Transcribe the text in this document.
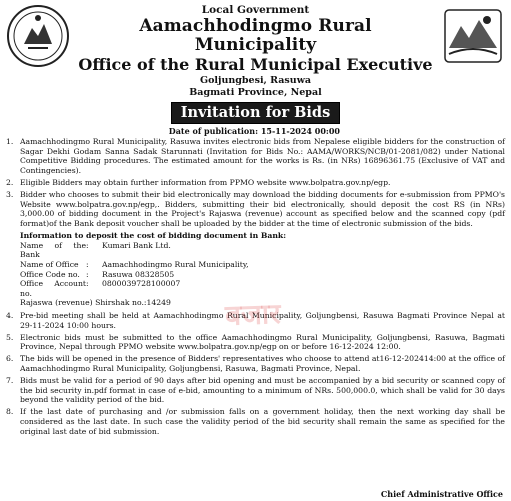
Local Government
Aamachhodingmo Rural Municipality
Office of the Rural Municipal Executive
Goljungbesi, Rasuwa
Bagmati Province, Nepal
Invitation for Bids
Date of publication: 15-11-2024 00:00
1. Aamachhodingmo Rural Municipality, Rasuwa invites electronic bids from Nepalese eligible bidders for the construction of Sagar Dekhi Godam Sanna Sadak Starunnati (Invitation for Bids No.: AAMA/WORKS/NCB/01-2081/082) under National Competitive Bidding procedures. The estimated amount for the works is Rs. (in NRs) 16896361.75 (Exclusive of VAT and Contingencies).
2. Eligible Bidders may obtain further information from PPMO website www.bolpatra.gov.np/egp.
3. Bidder who chooses to submit their bid electronically may download the bidding documents for e-submission from PPMO's Website www.bolpatra.gov.np/egp,. Bidders, submitting their bid electronically, should deposit the cost RS (in NRs) 3,000.00 of bidding document in the Project's Rajaswa (revenue) account as specified below and the scanned copy (pdf format)of the Bank deposit voucher shall be uploaded by the bidder at the time of electronic submission of the bids.
Information to deposit the cost of bidding document in Bank:
Name of the Bank	:	Kumari Bank Ltd.
Name of Office	:	Aamachhodingmo Rural Municipality,
Office Code no.	:	Rasuwa 08328505
Office Account no.	:	0800039728100007
Rajaswa (revenue) Shirshak no.:14249
4. Pre-bid meeting shall be held at Aamachhodingmo Rural Municipality, Goljungbensi, Rasuwa Bagmati Province Nepal at 29-11-2024 10:00 hours.
5. Electronic bids must be submitted to the office Aamachhodingmo Rural Municipality, Goljungbensi, Rasuwa, Bagmati Province, Nepal through PPMO website www.bolpatra.gov.np/egp on or before 16-12-2024 12:00.
6. The bids will be opened in the presence of Bidders' representatives who choose to attend at16-12-202414:00 at the office of Aamachhodingmo Rural Municipality, Goljungbensi, Rasuwa, Bagmati Province, Nepal.
7. Bids must be valid for a period of 90 days after bid opening and must be accompanied by a bid security or scanned copy of the bid security in.pdf format in case of e-bid, amounting to a minimum of NRs. 500,000.0, which shall be valid for 30 days beyond the validity period of the bid.
8. If the last date of purchasing and /or submission falls on a government holiday, then the next working day shall be considered as the last date. In such case the validity period of the bid security shall remain the same as specified for the original last date of bid submission.
बजार
Chief Administrative Office
